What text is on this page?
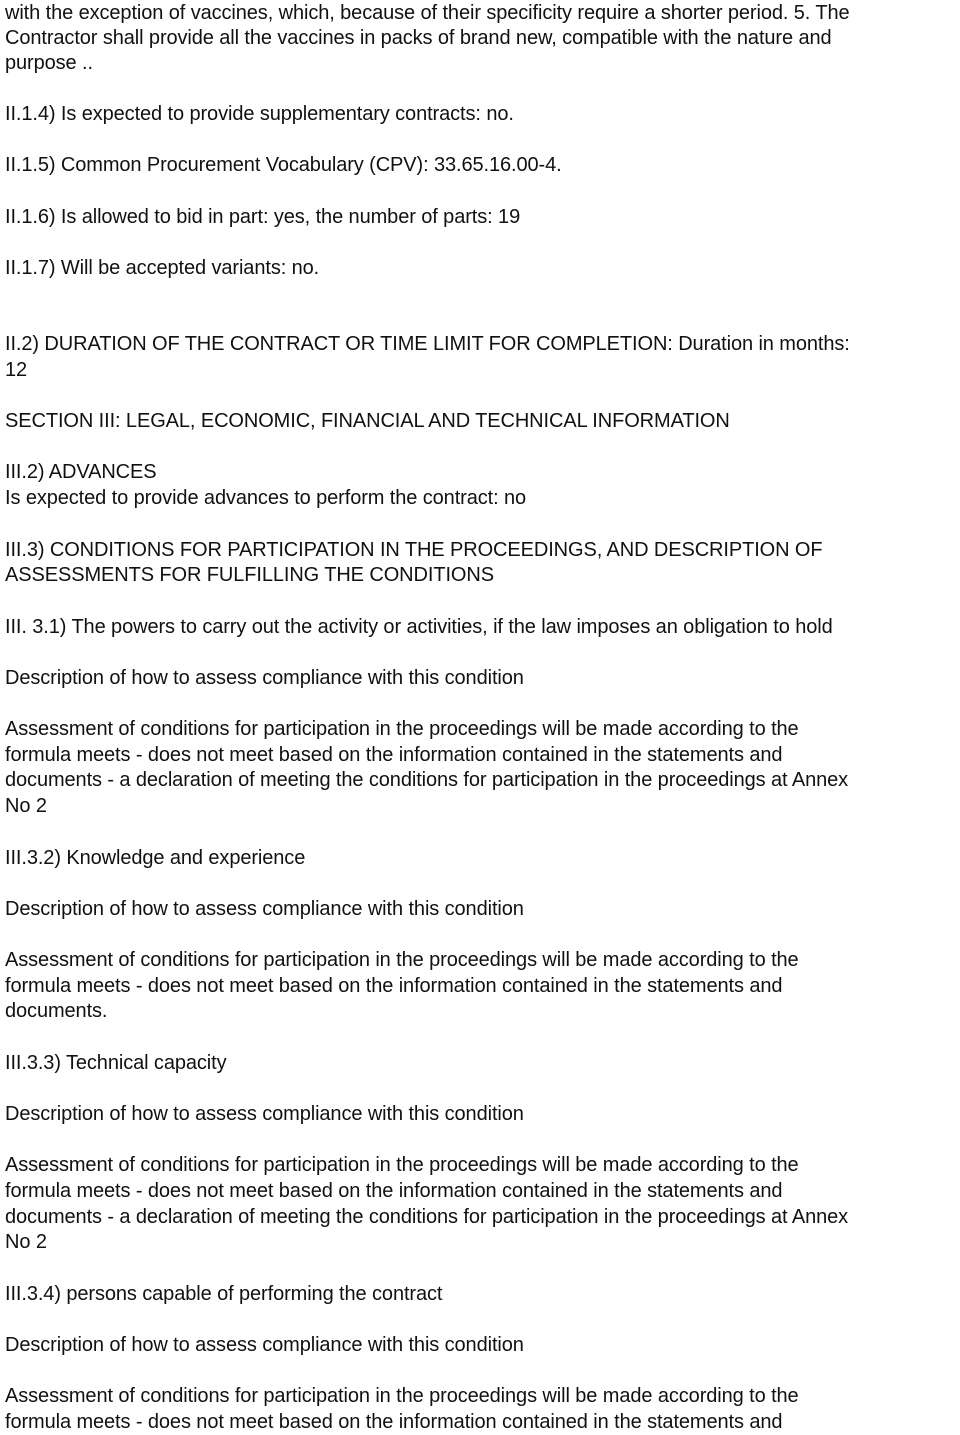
with the exception of vaccines, which, because of their specificity require a shorter period. 5. The
Contractor shall provide all the vaccines in packs of brand new, compatible with the nature and
purpose ..
II.1.4) Is expected to provide supplementary contracts: no.
II.1.5) Common Procurement Vocabulary (CPV): 33.65.16.00-4.
II.1.6) Is allowed to bid in part: yes, the number of parts: 19
II.1.7) Will be accepted variants: no.
II.2) DURATION OF THE CONTRACT OR TIME LIMIT FOR COMPLETION: Duration in months:
12
SECTION III: LEGAL, ECONOMIC, FINANCIAL AND TECHNICAL INFORMATION
III.2) ADVANCES
Is expected to provide advances to perform the contract: no
III.3) CONDITIONS FOR PARTICIPATION IN THE PROCEEDINGS, AND DESCRIPTION OF
ASSESSMENTS FOR FULFILLING THE CONDITIONS
III. 3.1) The powers to carry out the activity or activities, if the law imposes an obligation to hold
Description of how to assess compliance with this condition
Assessment of conditions for participation in the proceedings will be made according to the
formula meets - does not meet based on the information contained in the statements and
documents - a declaration of meeting the conditions for participation in the proceedings at Annex
No 2
III.3.2) Knowledge and experience
Description of how to assess compliance with this condition
Assessment of conditions for participation in the proceedings will be made according to the
formula meets - does not meet based on the information contained in the statements and
documents.
III.3.3) Technical capacity
Description of how to assess compliance with this condition
Assessment of conditions for participation in the proceedings will be made according to the
formula meets - does not meet based on the information contained in the statements and
documents - a declaration of meeting the conditions for participation in the proceedings at Annex
No 2
III.3.4) persons capable of performing the contract
Description of how to assess compliance with this condition
Assessment of conditions for participation in the proceedings will be made according to the
formula meets - does not meet based on the information contained in the statements and
